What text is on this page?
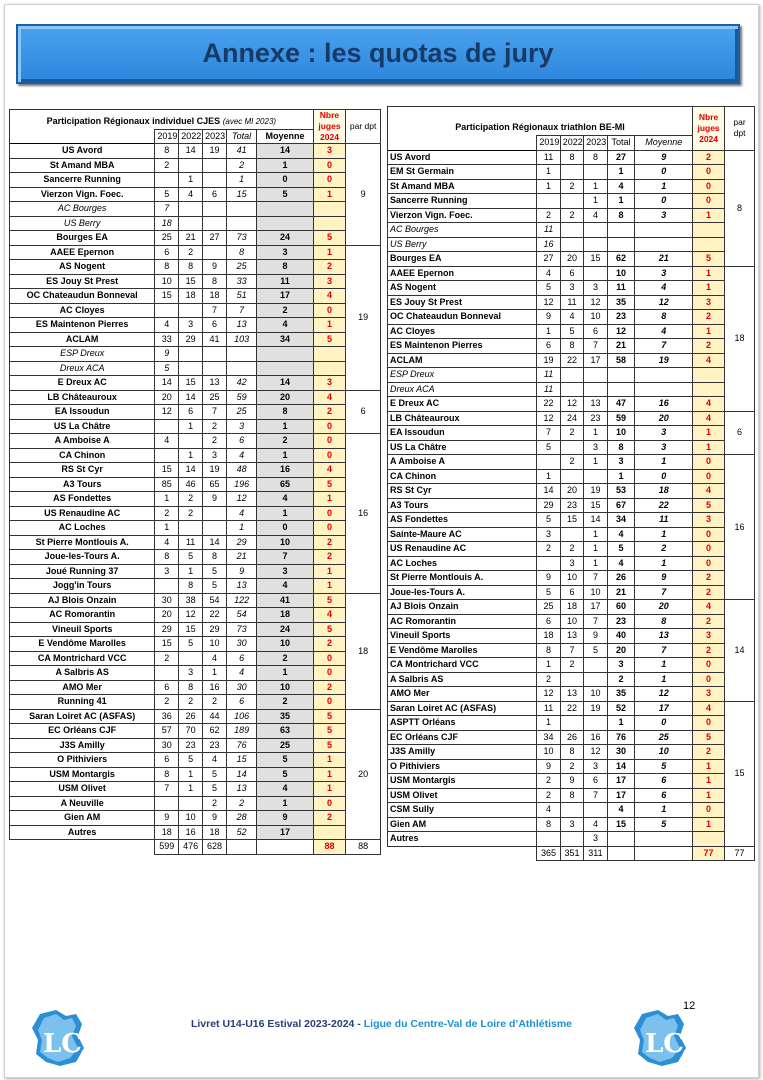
Annexe : les quotas de jury
Participation Régionaux individuel CJES (avec MI 2023)						Nbre juges 2024	par dpt
	2019	2022	2023	Total	Moyenne		
US Avord	8	14	19	41	14	3	9
St Amand MBA	2			2	1	0	
Sancerre Running		1		1	0	0	
Vierzon Vign. Foec.	5	4	6	15	5	1	
AC Bourges	7						
US Berry	18						
Bourges EA	25	21	27	73	24	5	
AAEE Epernon	6	2		8	3	1	19
AS Nogent	8	8	9	25	8	2	
ES Jouy St Prest	10	15	8	33	11	3	
OC Chateaudun Bonneval	15	18	18	51	17	4	
AC Cloyes			7	7	2	0	
ES Maintenon Pierres	4	3	6	13	4	1	
ACLAM	33	29	41	103	34	5	
ESP Dreux	9						
Dreux ACA	5						
E Dreux AC	14	15	13	42	14	3	
LB Châteauroux	20	14	25	59	20	4	6
EA Issoudun	12	6	7	25	8	2	
US La Châtre		1	2	3	1	0	
A Amboise A	4		2	6	2	0	16
CA Chinon		1	3	4	1	0	
RS St Cyr	15	14	19	48	16	4	
A3 Tours	85	46	65	196	65	5	
AS Fondettes	1	2	9	12	4	1	
US Renaudine AC	2	2		4	1	0	
AC Loches	1			1	0	0	
St Pierre Montlouis A.	4	11	14	29	10	2	
Joue-les-Tours A.	8	5	8	21	7	2	
Joué Running 37	3	1	5	9	3	1	
Jogg'in Tours		8	5	13	4	1	
AJ Blois Onzain	30	38	54	122	41	5	18
AC Romorantin	20	12	22	54	18	4	
Vineuil Sports	29	15	29	73	24	5	
E Vendôme Marolles	15	5	10	30	10	2	
CA Montrichard VCC	2		4	6	2	0	
A Salbris AS		3	1	4	1	0	
AMO Mer	6	8	16	30	10	2	
Running 41	2	2	2	6	2	0	
Saran Loiret AC (ASFAS)	36	26	44	106	35	5	20
EC Orléans CJF	57	70	62	189	63	5	
J3S Amilly	30	23	23	76	25	5	
O Pithiviers	6	5	4	15	5	1	
USM Montargis	8	1	5	14	5	1	
USM Olivet	7	1	5	13	4	1	
A Neuville			2	2	1	0	
Gien AM	9	10	9	28	9	2	
Autres	18	16	18	52	17		
	599	476	628			88	88
Participation Régionaux triathlon BE-MI						Nbre juges 2024	par dpt
	2019	2022	2023	Total	Moyenne		
US Avord	11	8	8	27	9	2	8
EM St Germain	1			1	0	0	
St Amand MBA	1	2	1	4	1	0	
Sancerre Running			1	1	0	0	
Vierzon Vign. Foec.	2	2	4	8	3	1	
AC Bourges	11						
US Berry	16						
Bourges EA	27	20	15	62	21	5	
AAEE Epernon	4	6		10	3	1	18
AS Nogent	5	3	3	11	4	1	
ES Jouy St Prest	12	11	12	35	12	3	
OC Chateaudun Bonneval	9	4	10	23	8	2	
AC Cloyes	1	5	6	12	4	1	
ES Maintenon Pierres	6	8	7	21	7	2	
ACLAM	19	22	17	58	19	4	
ESP Dreux	11						
Dreux ACA	11						
E Dreux AC	22	12	13	47	16	4	
LB Châteauroux	12	24	23	59	20	4	6
EA Issoudun	7	2	1	10	3	1	
US La Châtre	5		3	8	3	1	
A Amboise A		2	1	3	1	0	16
CA Chinon	1			1	0	0	
RS St Cyr	14	20	19	53	18	4	
A3 Tours	29	23	15	67	22	5	
AS Fondettes	5	15	14	34	11	3	
Sainte-Maure AC	3		1	4	1	0	
US Renaudine AC	2	2	1	5	2	0	
AC Loches		3	1	4	1	0	
St Pierre Montlouis A.	9	10	7	26	9	2	
Joue-les-Tours A.	5	6	10	21	7	2	
AJ Blois Onzain	25	18	17	60	20	4	14
AC Romorantin	6	10	7	23	8	2	
Vineuil Sports	18	13	9	40	13	3	
E Vendôme Marolles	8	7	5	20	7	2	
CA Montrichard VCC	1	2		3	1	0	
A Salbris AS	2			2	1	0	
AMO Mer	12	13	10	35	12	3	
Saran Loiret AC (ASFAS)	11	22	19	52	17	4	15
ASPTT Orléans	1			1	0	0	
EC Orléans CJF	34	26	16	76	25	5	
J3S Amilly	10	8	12	30	10	2	
O Pithiviers	9	2	3	14	5	1	
USM Montargis	2	9	6	17	6	1	
USM Olivet	2	8	7	17	6	1	
CSM Sully	4			4	1	0	
Gien AM	8	3	4	15	5	1	
Autres			3				
	365	351	311			77	77
12
Livret U14-U16 Estival 2023-2024 - Ligue du Centre-Val de Loire d’Athlétisme
LCA	LCA
